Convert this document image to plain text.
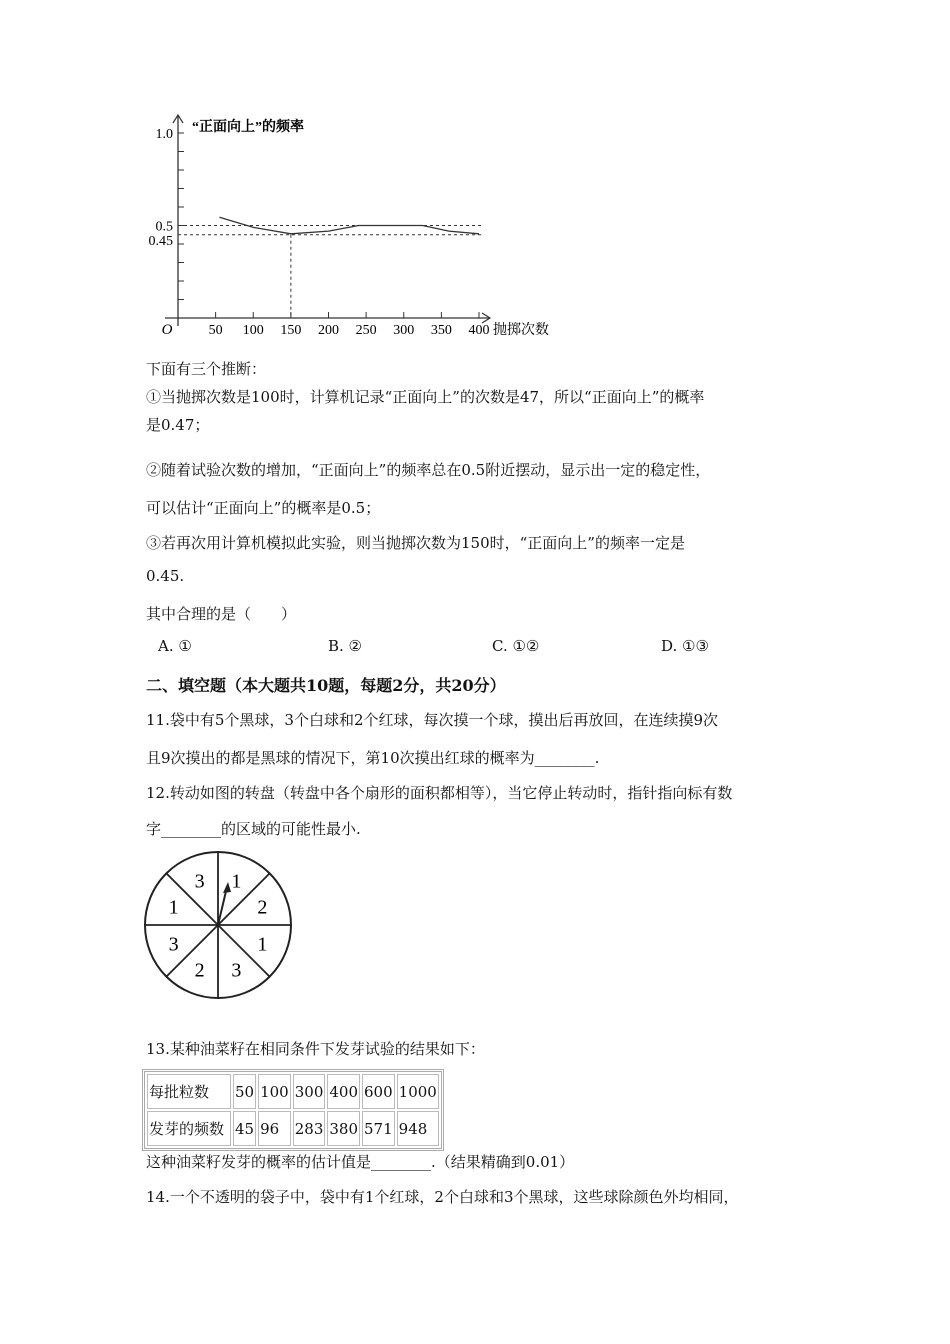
50 100 150 200 250 300 350 400
1.0
0.5
0.45
O
“正面向上”的频率
抛掷次数
下面有三个推断：
①当抛掷次数是100时，计算机记录“正面向上”的次数是47，所以“正面向上”的概率
是0.47；
②随着试验次数的增加，“正面向上”的频率总在0.5附近摆动，显示出一定的稳定性，
可以估计“正面向上”的概率是0.5；
③若再次用计算机模拟此实验，则当抛掷次数为150时，“正面向上”的频率一定是
0.45.
其中合理的是（　　）
A. ①	B. ②	C. ①②	D. ①③
二、填空题（本大题共10题，每题2分，共20分）
11.袋中有5个黑球，3个白球和2个红球，每次摸一个球，摸出后再放回，在连续摸9次
且9次摸出的都是黑球的情况下，第10次摸出红球的概率为________.
12.转动如图的转盘（转盘中各个扇形的面积都相等），当它停止转动时，指针指向标有数
字________的区域的可能性最小.
1
2
1
3
2
3
1
3
13.某种油菜籽在相同条件下发芽试验的结果如下：
每批粒数	50	100	300	400	600	1000
发芽的频数	45	96	283	380	571	948
这种油菜籽发芽的概率的估计值是________.（结果精确到0.01）
14.一个不透明的袋子中，袋中有1个红球，2个白球和3个黑球，这些球除颜色外均相同，
